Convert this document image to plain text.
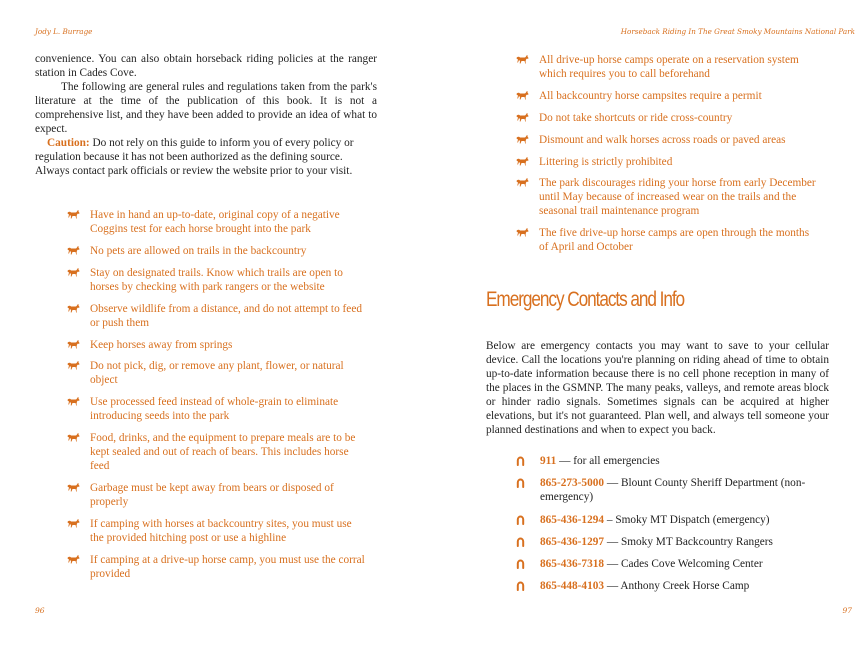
Jody L. Burrage

convenience. You can also obtain horseback riding policies at the ranger station in Cades Cove.

The following are general rules and regulations taken from the park's literature at the time of the publication of this book. It is not a comprehensive list, and they have been added to provide an idea of what to expect.

Caution: Do not rely on this guide to inform you of every policy or regulation because it has not been authorized as the defining source. Always contact park officials or review the website prior to your visit.

Have in hand an up-to-date, original copy of a negative Coggins test for each horse brought into the park
No pets are allowed on trails in the backcountry
Stay on designated trails. Know which trails are open to horses by checking with park rangers or the website
Observe wildlife from a distance, and do not attempt to feed or push them
Keep horses away from springs
Do not pick, dig, or remove any plant, flower, or natural object
Use processed feed instead of whole-grain to eliminate introducing seeds into the park
Food, drinks, and the equipment to prepare meals are to be kept sealed and out of reach of bears. This includes horse feed
Garbage must be kept away from bears or disposed of properly
If camping with horses at backcountry sites, you must use the provided hitching post or use a highline
If camping at a drive-up horse camp, you must use the corral provided
96
Horseback Riding In The Great Smoky Mountains National Park
97
All drive-up horse camps operate on a reservation system which requires you to call beforehand
All backcountry horse campsites require a permit
Do not take shortcuts or ride cross-country
Dismount and walk horses across roads or paved areas
Littering is strictly prohibited
The park discourages riding your horse from early December until May because of increased wear on the trails and the seasonal trail maintenance program
The five drive-up horse camps are open through the months of April and October
Emergency Contacts and Info

Below are emergency contacts you may want to save to your cellular device. Call the locations you're planning on riding ahead of time to obtain up-to-date information because there is no cell phone reception in many of the places in the GSMNP. The many peaks, valleys, and remote areas block or hinder radio signals. Sometimes signals can be acquired at higher elevations, but it's not guaranteed. Plan well, and always tell someone your planned destinations and when to expect you back.

911 — for all emergencies
865-273-5000 — Blount County Sheriff Department (non-emergency)
865-436-1294 – Smoky MT Dispatch (emergency)
865-436-1297 — Smoky MT Backcountry Rangers
865-436-7318 — Cades Cove Welcoming Center
865-448-4103 — Anthony Creek Horse Camp
